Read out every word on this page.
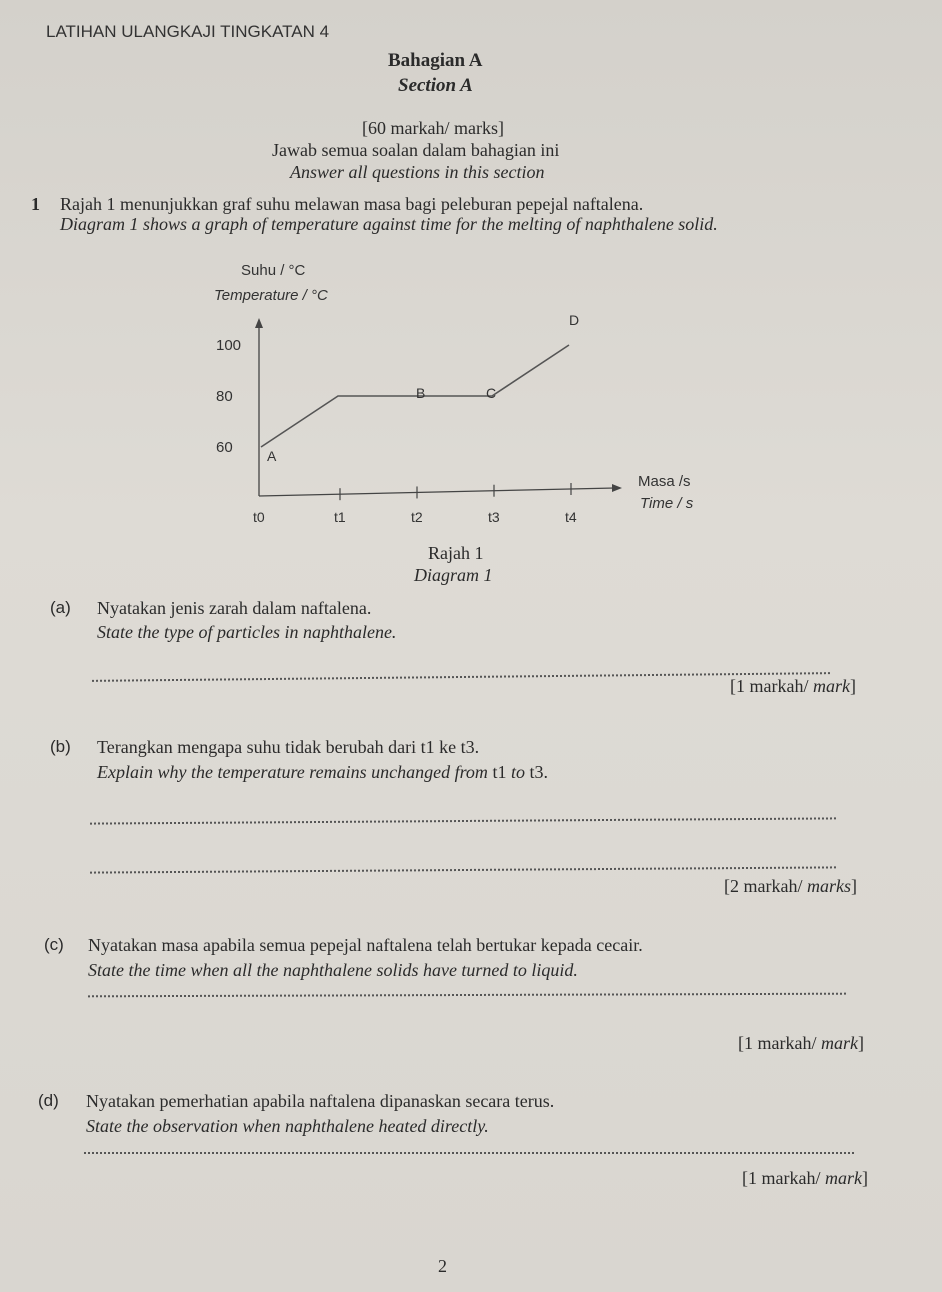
LATIHAN ULANGKAJI TINGKATAN 4
Bahagian A
Section A
[60 markah/ marks]
Jawab semua soalan dalam bahagian ini
Answer all questions in this section
1 Rajah 1 menunjukkan graf suhu melawan masa bagi peleburan pepejal naftalena.
Diagram 1 shows a graph of temperature against time for the melting of naphthalene solid.
Suhu / °C
Temperature / °C
100
80
60
t0	t1	t2	t3	t4
A
B	C
D
Masa /s
Time / s
Rajah 1
Diagram 1
(a) Nyatakan jenis zarah dalam naftalena.
State the type of particles in naphthalene.
[1 markah/ mark]
(b) Terangkan mengapa suhu tidak berubah dari t1 ke t3.
Explain why the temperature remains unchanged from t1 to t3.
[2 markah/ marks]
(c) Nyatakan masa apabila semua pepejal naftalena telah bertukar kepada cecair.
State the time when all the naphthalene solids have turned to liquid.
[1 markah/ mark]
(d) Nyatakan pemerhatian apabila naftalena dipanaskan secara terus.
State the observation when naphthalene heated directly.
[1 markah/ mark]
2
